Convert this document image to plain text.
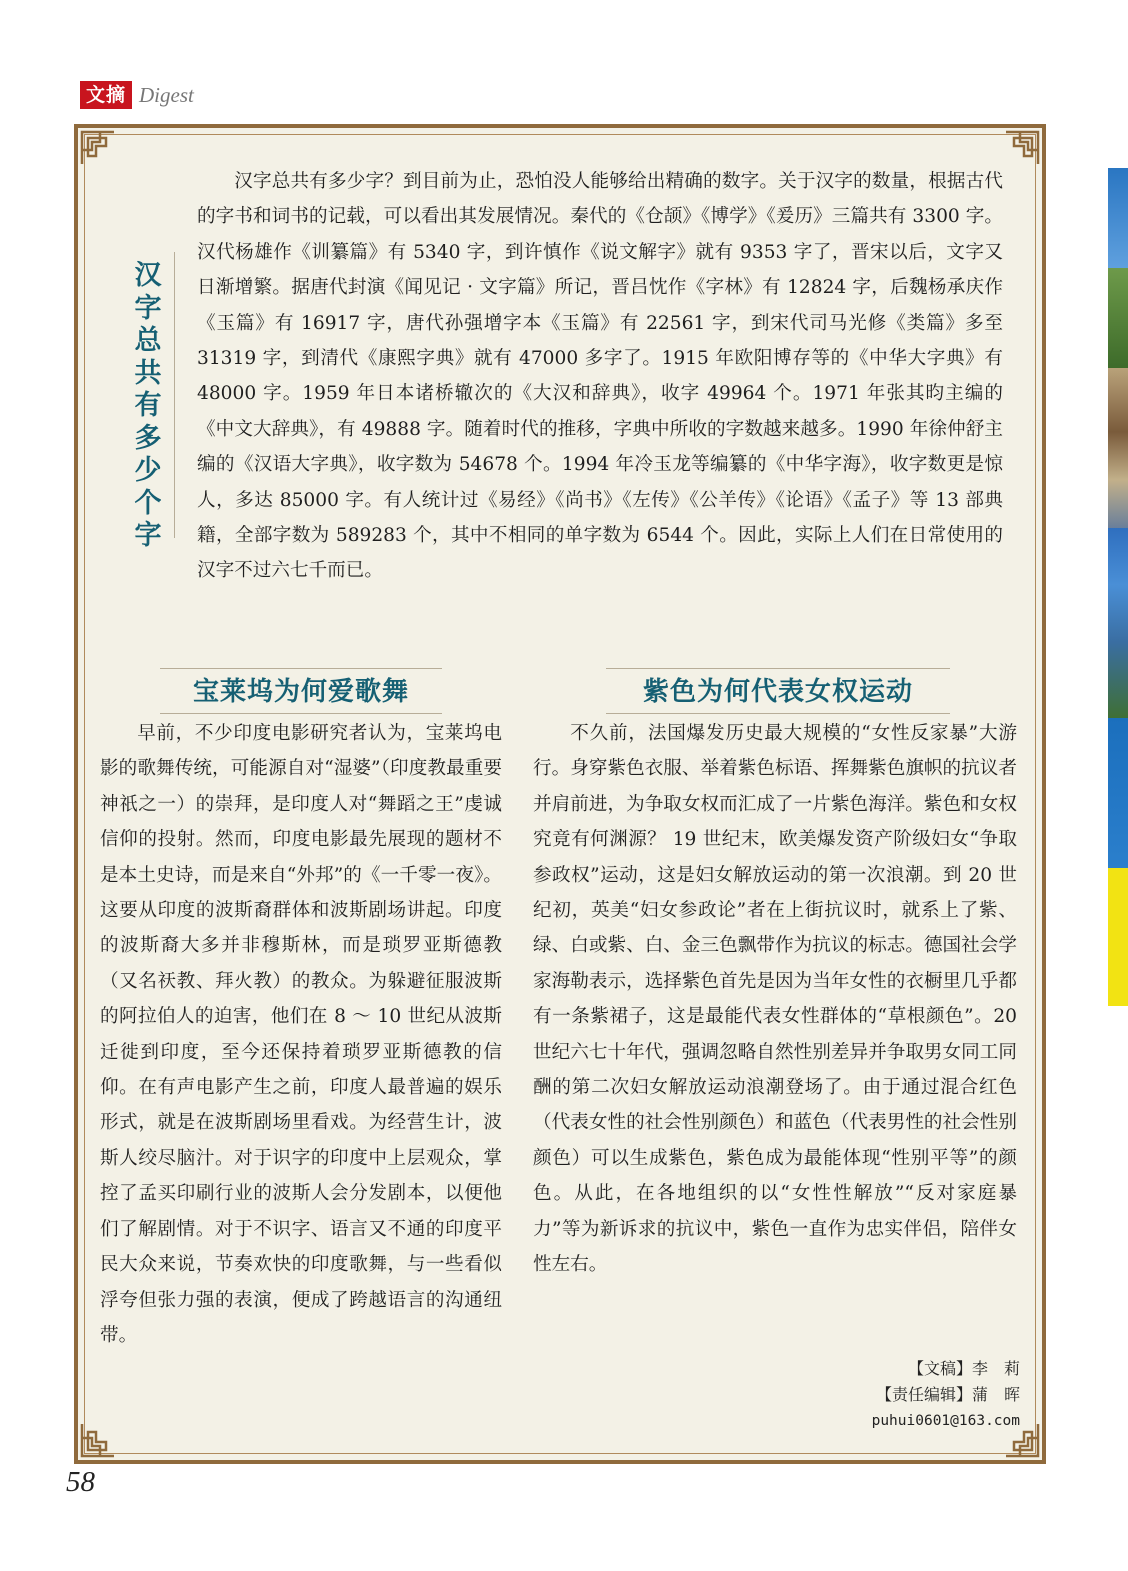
文摘 Digest
汉字总共有多少个字

汉字总共有多少字？到目前为止，恐怕没人能够给出精确的数字。关于汉字的数量，根据古代的字书和词书的记载，可以看出其发展情况。秦代的《仓颉》《博学》《爰历》三篇共有 3300 字。汉代杨雄作《训纂篇》有 5340 字，到许慎作《说文解字》就有 9353 字了，晋宋以后，文字又日渐增繁。据唐代封演《闻见记 · 文字篇》所记，晋吕忱作《字林》有 12824 字，后魏杨承庆作《玉篇》有 16917 字，唐代孙强增字本《玉篇》有 22561 字，到宋代司马光修《类篇》多至 31319 字，到清代《康熙字典》就有 47000 多字了。1915 年欧阳博存等的《中华大字典》有 48000 字。1959 年日本诸桥辙次的《大汉和辞典》，收字 49964 个。1971 年张其昀主编的《中文大辞典》，有 49888 字。随着时代的推移，字典中所收的字数越来越多。1990 年徐仲舒主编的《汉语大字典》，收字数为 54678 个。1994 年冷玉龙等编纂的《中华字海》，收字数更是惊人，多达 85000 字。有人统计过《易经》《尚书》《左传》《公羊传》《论语》《孟子》等 13 部典籍，全部字数为 589283 个，其中不相同的单字数为 6544 个。因此，实际上人们在日常使用的汉字不过六七千而已。

宝莱坞为何爱歌舞

早前，不少印度电影研究者认为，宝莱坞电影的歌舞传统，可能源自对“湿婆”（印度教最重要神祇之一）的崇拜，是印度人对“舞蹈之王”虔诚信仰的投射。然而，印度电影最先展现的题材不是本土史诗，而是来自“外邦”的《一千零一夜》。这要从印度的波斯裔群体和波斯剧场讲起。印度的波斯裔大多并非穆斯林，而是琐罗亚斯德教（又名祆教、拜火教）的教众。为躲避征服波斯的阿拉伯人的迫害，他们在 8 ～ 10 世纪从波斯迁徙到印度，至今还保持着琐罗亚斯德教的信仰。在有声电影产生之前，印度人最普遍的娱乐形式，就是在波斯剧场里看戏。为经营生计，波斯人绞尽脑汁。对于识字的印度中上层观众，掌控了孟买印刷行业的波斯人会分发剧本，以便他们了解剧情。对于不识字、语言又不通的印度平民大众来说，节奏欢快的印度歌舞，与一些看似浮夸但张力强的表演，便成了跨越语言的沟通纽带。

紫色为何代表女权运动

不久前，法国爆发历史最大规模的“女性反家暴”大游行。身穿紫色衣服、举着紫色标语、挥舞紫色旗帜的抗议者并肩前进，为争取女权而汇成了一片紫色海洋。紫色和女权究竟有何渊源？ 19 世纪末，欧美爆发资产阶级妇女“争取参政权”运动，这是妇女解放运动的第一次浪潮。到 20 世纪初，英美“妇女参政论”者在上街抗议时，就系上了紫、绿、白或紫、白、金三色飘带作为抗议的标志。德国社会学家海勒表示，选择紫色首先是因为当年女性的衣橱里几乎都有一条紫裙子，这是最能代表女性群体的“草根颜色”。20 世纪六七十年代，强调忽略自然性别差异并争取男女同工同酬的第二次妇女解放运动浪潮登场了。由于通过混合红色（代表女性的社会性别颜色）和蓝色（代表男性的社会性别颜色）可以生成紫色，紫色成为最能体现“性别平等”的颜色。从此，在各地组织的以“女性性解放”“反对家庭暴力”等为新诉求的抗议中，紫色一直作为忠实伴侣，陪伴女性左右。

【文稿】李　莉
【责任编辑】蒲　晖
puhui0601@163.com
58
